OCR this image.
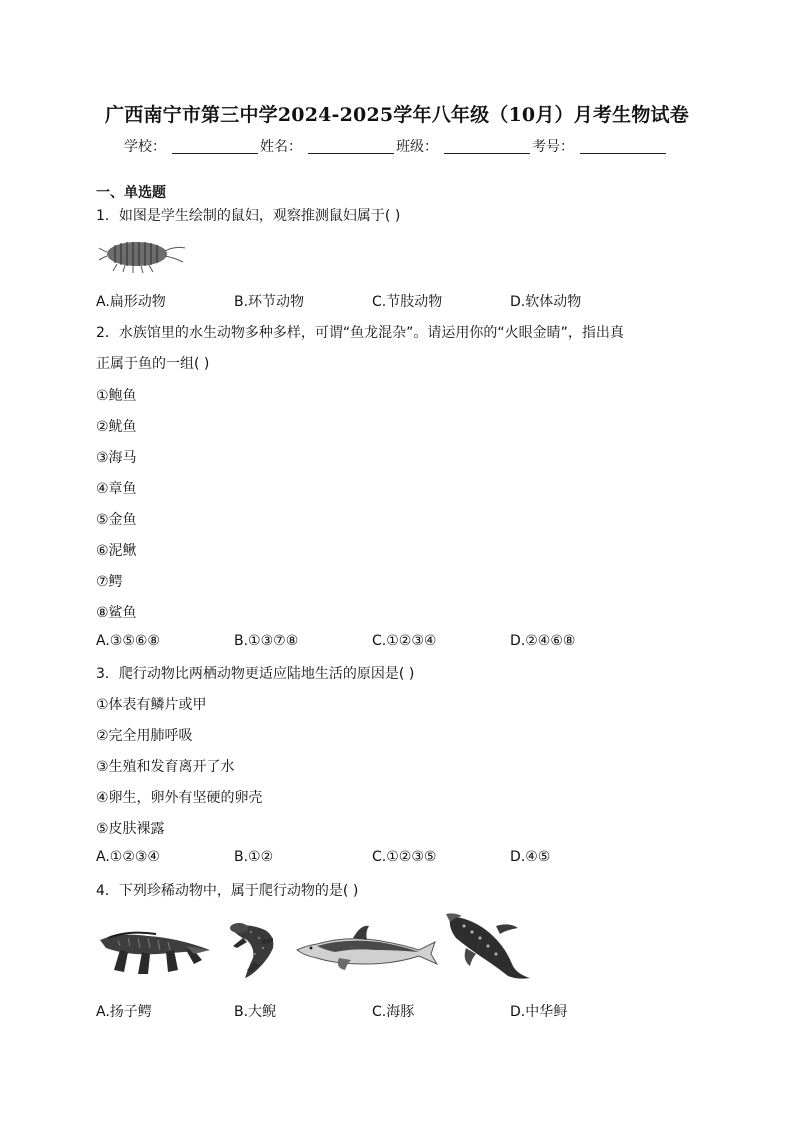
广西南宁市第三中学2024-2025学年八年级（10月）月考生物试卷
学校：	姓名：	班级：	考号：
一、单选题
1．如图是学生绘制的鼠妇，观察推测鼠妇属于( )
A.扁形动物	B.环节动物	C.节肢动物	D.软体动物
2．水族馆里的水生动物多种多样，可谓“鱼龙混杂”。请运用你的“火眼金睛”，指出真
正属于鱼的一组( )
①鲍鱼
②鱿鱼
③海马
④章鱼
⑤金鱼
⑥泥鳅
⑦鳄
⑧鲨鱼
A.③⑤⑥⑧	B.①③⑦⑧	C.①②③④	D.②④⑥⑧
3．爬行动物比两栖动物更适应陆地生活的原因是( )
①体表有鳞片或甲
②完全用肺呼吸
③生殖和发育离开了水
④卵生，卵外有坚硬的卵壳
⑤皮肤裸露
A.①②③④	B.①②	C.①②③⑤	D.④⑤
4．下列珍稀动物中，属于爬行动物的是( )
A.扬子鳄	B.大鲵	C.海豚	D.中华鲟
